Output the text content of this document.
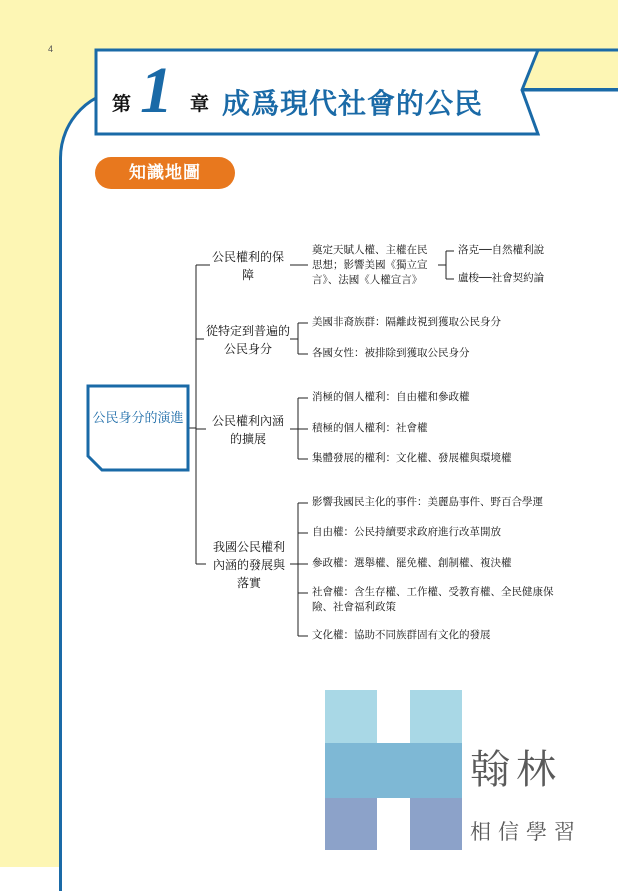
4
第 1 章 成爲現代社會的公民
知識地圖
翰林
相信學習
公民身分的演進
公民權利的保障
從特定到普遍的公民身分
公民權利內涵的擴展
我國公民權利內涵的發展與落實
奠定天賦人權、主權在民思想；影響美國《獨立宣言》、法國《人權宣言》
洛克──自然權利說
盧梭──社會契約論
美國非裔族群：隔離歧視到獲取公民身分
各國女性：被排除到獲取公民身分
消極的個人權利：自由權和參政權
積極的個人權利：社會權
集體發展的權利：文化權、發展權與環境權
影響我國民主化的事件：美麗島事件、野百合學運
自由權：公民持續要求政府進行改革開放
參政權：選舉權、罷免權、創制權、複決權
社會權：含生存權、工作權、受教育權、全民健康保險、社會福利政策
文化權：協助不同族群固有文化的發展
